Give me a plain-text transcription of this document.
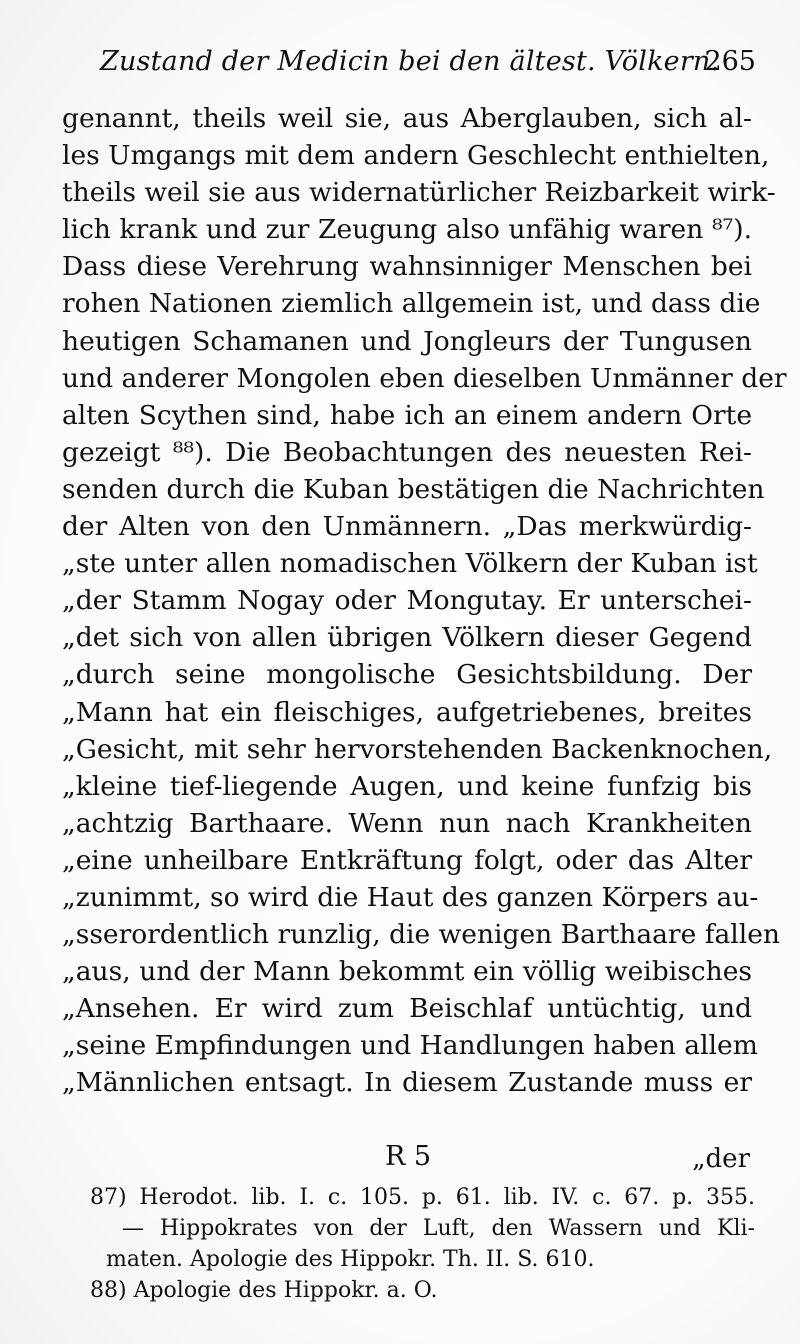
Zustand der Medicin bei den ältest. Völkern.
265
genannt, theils weil sie, aus Aberglauben, sich al-
les Umgangs mit dem andern Geschlecht enthielten,
theils weil sie aus widernatürlicher Reizbarkeit wirk-
lich krank und zur Zeugung also unfähig waren ⁸⁷).
Dass diese Verehrung wahnsinniger Menschen bei
rohen Nationen ziemlich allgemein ist, und dass die
heutigen Schamanen und Jongleurs der Tungusen
und anderer Mongolen eben dieselben Unmänner der
alten Scythen sind, habe ich an einem andern Orte
gezeigt ⁸⁸). Die Beobachtungen des neuesten Rei-
senden durch die Kuban bestätigen die Nachrichten
der Alten von den Unmännern. „Das merkwürdig-
„ste unter allen nomadischen Völkern der Kuban ist
„der Stamm Nogay oder Mongutay. Er unterschei-
„det sich von allen übrigen Völkern dieser Gegend
„durch seine mongolische Gesichtsbildung. Der
„Mann hat ein fleischiges, aufgetriebenes, breites
„Gesicht, mit sehr hervorstehenden Backenknochen,
„kleine tief-liegende Augen, und keine funfzig bis
„achtzig Barthaare. Wenn nun nach Krankheiten
„eine unheilbare Entkräftung folgt, oder das Alter
„zunimmt, so wird die Haut des ganzen Körpers au-
„sserordentlich runzlig, die wenigen Barthaare fallen
„aus, und der Mann bekommt ein völlig weibisches
„Ansehen. Er wird zum Beischlaf untüchtig, und
„seine Empfindungen und Handlungen haben allem
„Männlichen entsagt. In diesem Zustande muss er
R 5	„der
87) Herodot. lib. I. c. 105. p. 61. lib. IV. c. 67. p. 355.
— Hippokrates von der Luft, den Wassern und Kli-
maten. Apologie des Hippokr. Th. II. S. 610.
88) Apologie des Hippokr. a. O.
